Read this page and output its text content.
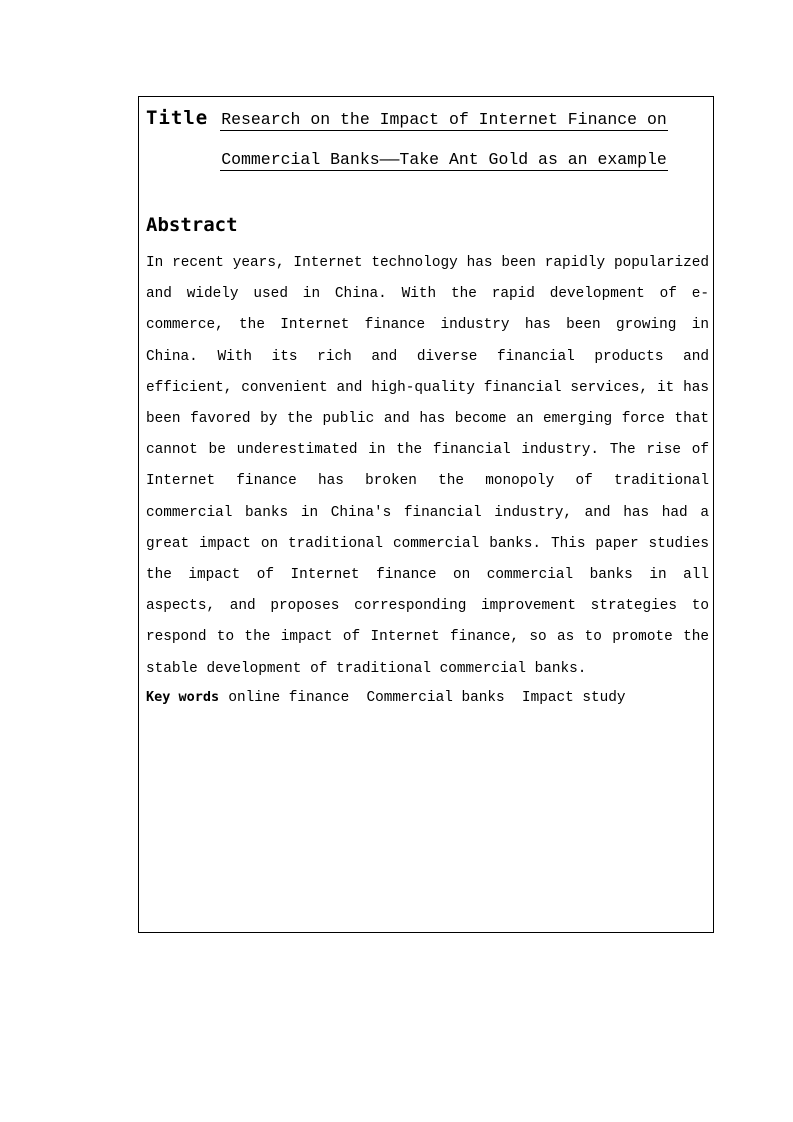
Title Research on the Impact of Internet Finance on
Commercial Banks——Take Ant Gold as an example
Abstract

In recent years, Internet technology has been rapidly popularized and widely used in China. With the rapid development of e-commerce, the Internet finance industry has been growing in China. With its rich and diverse financial products and efficient, convenient and high-quality financial services, it has been favored by the public and has become an emerging force that cannot be underestimated in the financial industry. The rise of Internet finance has broken the monopoly of traditional commercial banks in China's financial industry, and has had a great impact on traditional commercial banks. This paper studies the impact of Internet finance on commercial banks in all aspects, and proposes corresponding improvement strategies to respond to the impact of Internet finance, so as to promote the stable development of traditional commercial banks.

Key words online finance  Commercial banks  Impact study
